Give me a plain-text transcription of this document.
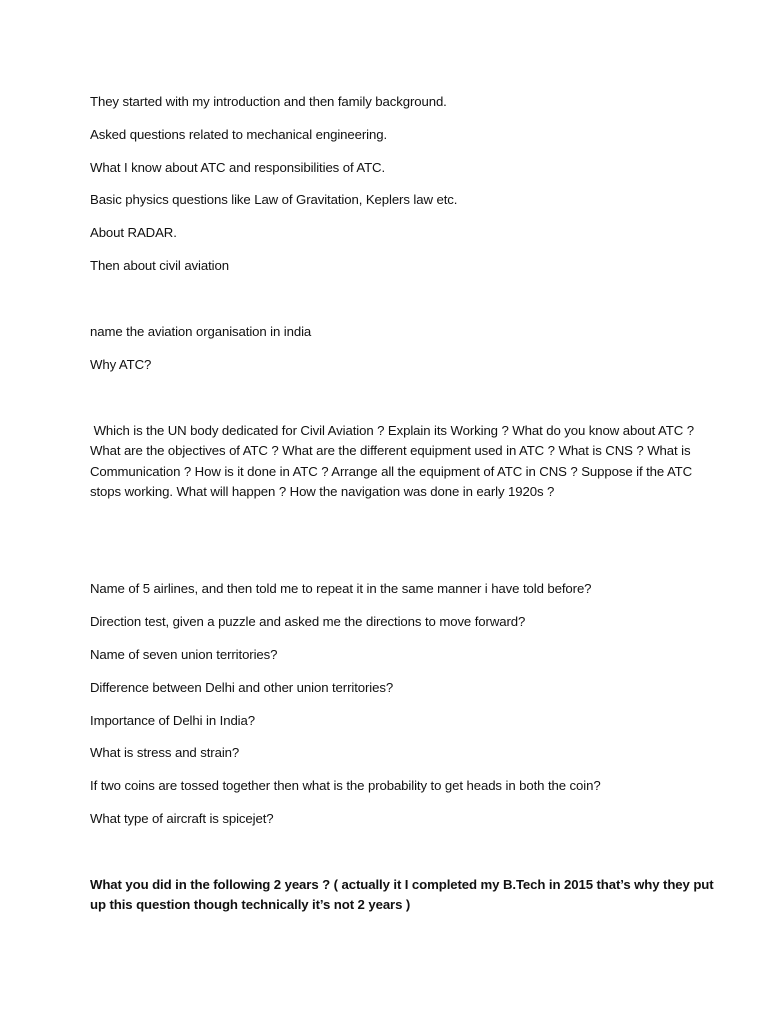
They started with my introduction and then family background.
Asked questions related to mechanical engineering.
What I know about ATC and responsibilities of ATC.
Basic physics questions like Law of Gravitation, Keplers law etc.
About RADAR.
Then about civil aviation
name the aviation organisation in india
Why ATC?
Which is the UN body dedicated for Civil Aviation ? Explain its Working ? What do you know about ATC ?
What are the objectives of ATC ? What are the different equipment used in ATC ? What is CNS ? What is
Communication ? How is it done in ATC ? Arrange all the equipment of ATC in CNS ? Suppose if the ATC
stops working. What will happen ? How the navigation was done in early 1920s ?
Name of 5 airlines, and then told me to repeat it in the same manner i have told before?
Direction test, given a puzzle and asked me the directions to move forward?
Name of seven union territories?
Difference between Delhi and other union territories?
Importance of Delhi in India?
What is stress and strain?
If two coins are tossed together then what is the probability to get heads in both the coin?
What type of aircraft is spicejet?
What you did in the following 2 years ? ( actually it I completed my B.Tech in 2015 that’s why they put
up this question though technically it’s not 2 years )
